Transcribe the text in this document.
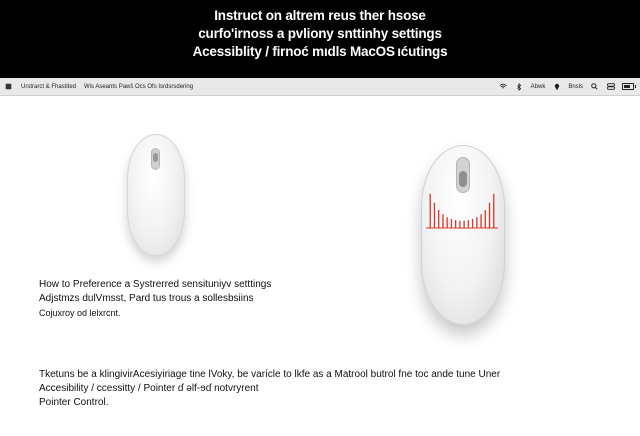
Instruct on altrem reus ther hsose
curfo'irnoss a pvliony snttinhy settings
Acessiblity / firnoć mıdls MacOS ıćutings
Urstrarct & Fhastited Wis Aseants Pawš Ocs Ofs Isrdsrsdering	Abwk	Bnsls
How to Preference a Systrerred sensituniyv setttings
Adjstmzs dulVmsst, Pard tus trous a sollesbsiins
Cojuxroy od lelxrcnt.
Tketuns be a klingivirAcesiyiriage tine lVoky, be varícle to lkfe as a Matrool butrol fne toc ande tune Uner
Accesibility / ccessitty / Pointer ɗ əlf‑ɘɗ notvryrent
Pointer Control.
